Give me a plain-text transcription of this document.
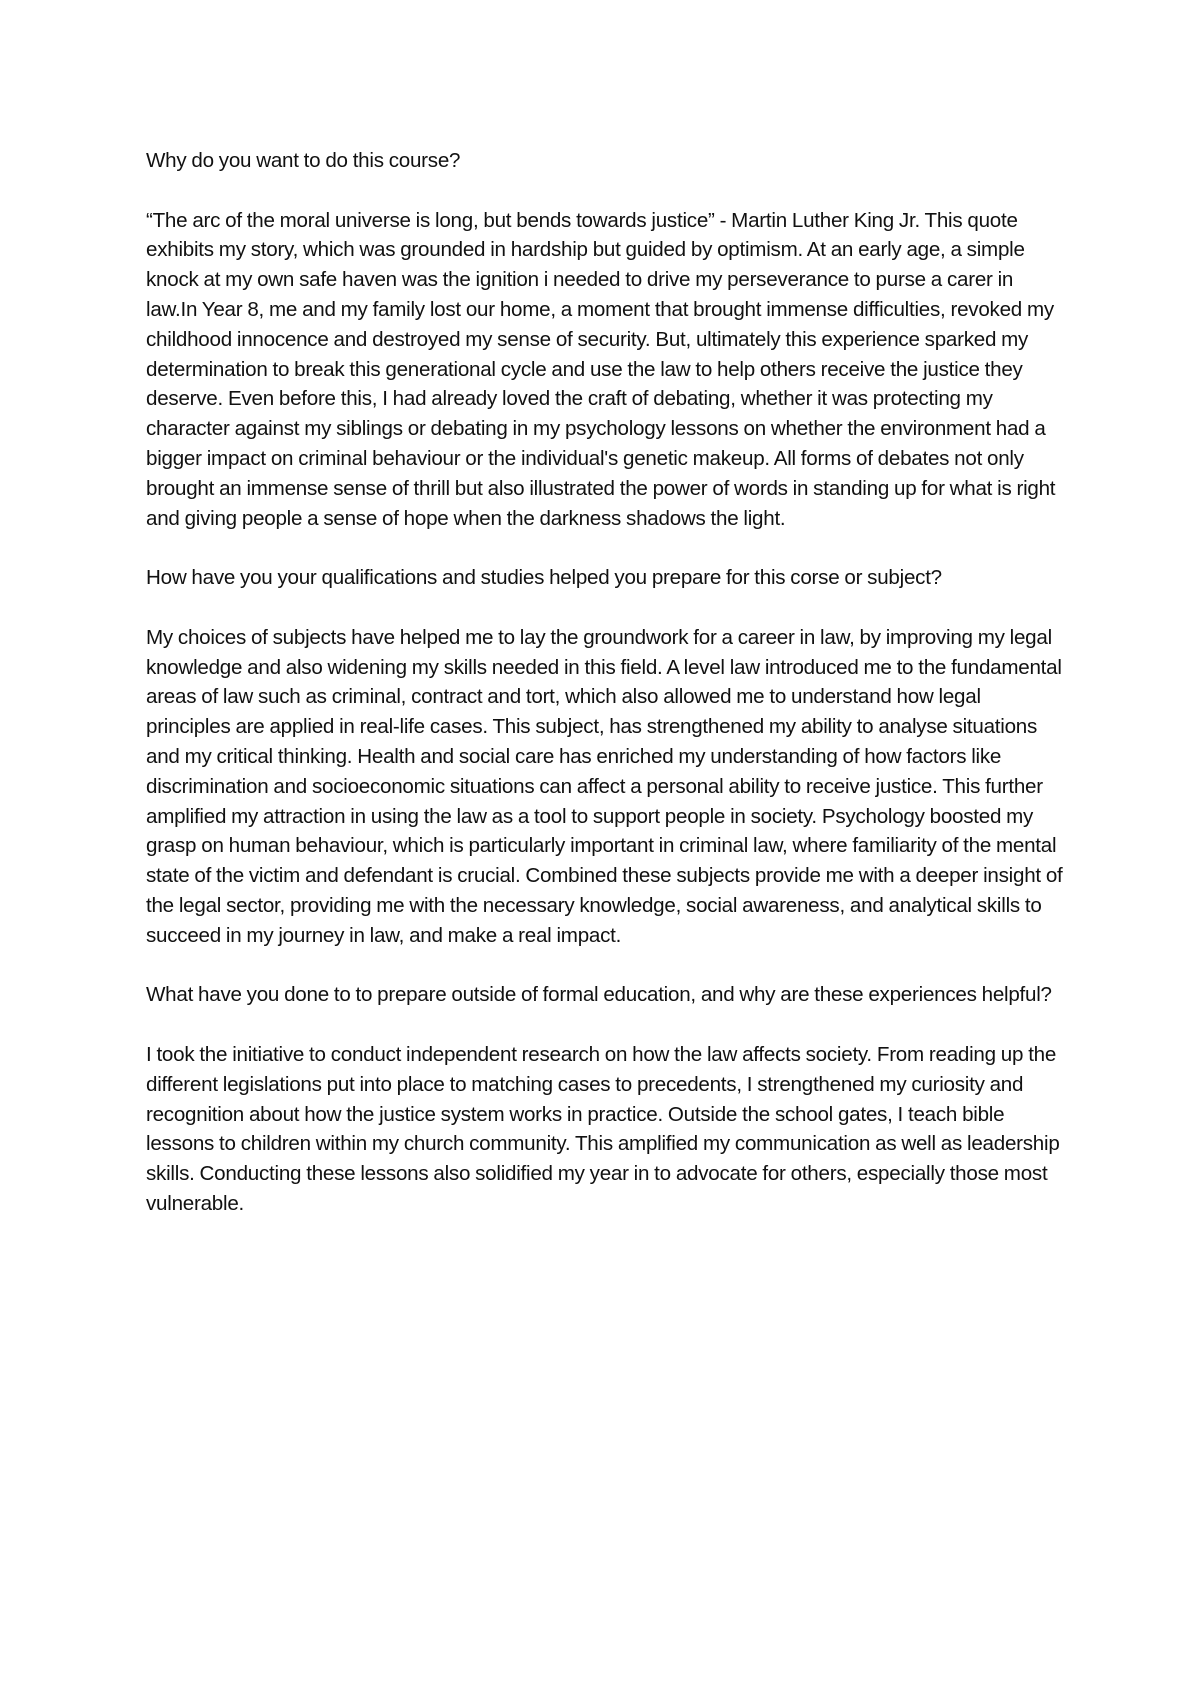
Why do you want to do this course?

“The arc of the moral universe is long, but bends towards justice” - Martin Luther King Jr. This quote exhibits my story, which was grounded in hardship but guided by optimism. At an early age, a simple knock at my own safe haven was the ignition i needed to drive my perseverance to purse a carer in law.In Year 8, me and my family lost our home, a moment that brought immense difficulties, revoked my childhood innocence and destroyed my sense of security. But, ultimately this experience sparked my determination to break this generational cycle and use the law to help others receive the justice they deserve. Even before this, I had already loved the craft of debating, whether it was protecting my character against my siblings or debating in my psychology lessons on whether the environment had a bigger impact on criminal behaviour or the individual's genetic makeup. All forms of debates not only brought an immense sense of thrill but also illustrated the power of words in standing up for what is right and giving people a sense of hope when the darkness shadows the light.

How have you your qualifications and studies helped you prepare for this corse or subject?

My choices of subjects have helped me to lay the groundwork for a career in law, by improving my legal knowledge and also widening my skills needed in this field. A level law introduced me to the fundamental areas of law such as criminal, contract and tort, which also allowed me to understand how legal principles are applied in real-life cases. This subject, has strengthened my ability to analyse situations and my critical thinking. Health and social care has enriched my understanding of how factors like discrimination and socioeconomic situations can affect a personal ability to receive justice. This further amplified my attraction in using the law as a tool to support people in society. Psychology boosted my grasp on human behaviour, which is particularly important in criminal law, where familiarity of the mental state of the victim and defendant is crucial. Combined these subjects provide me with a deeper insight of the legal sector, providing me with the necessary knowledge, social awareness, and analytical skills to succeed in my journey in law, and make a real impact.

What have you done to to prepare outside of formal education, and why are these experiences helpful?

I took the initiative to conduct independent research on how the law affects society. From reading up the different legislations put into place to matching cases to precedents, I strengthened my curiosity and recognition about how the justice system works in practice. Outside the school gates, I teach bible lessons to children within my church community. This amplified my communication as well as leadership skills. Conducting these lessons also solidified my year in to advocate for others, especially those most vulnerable.
